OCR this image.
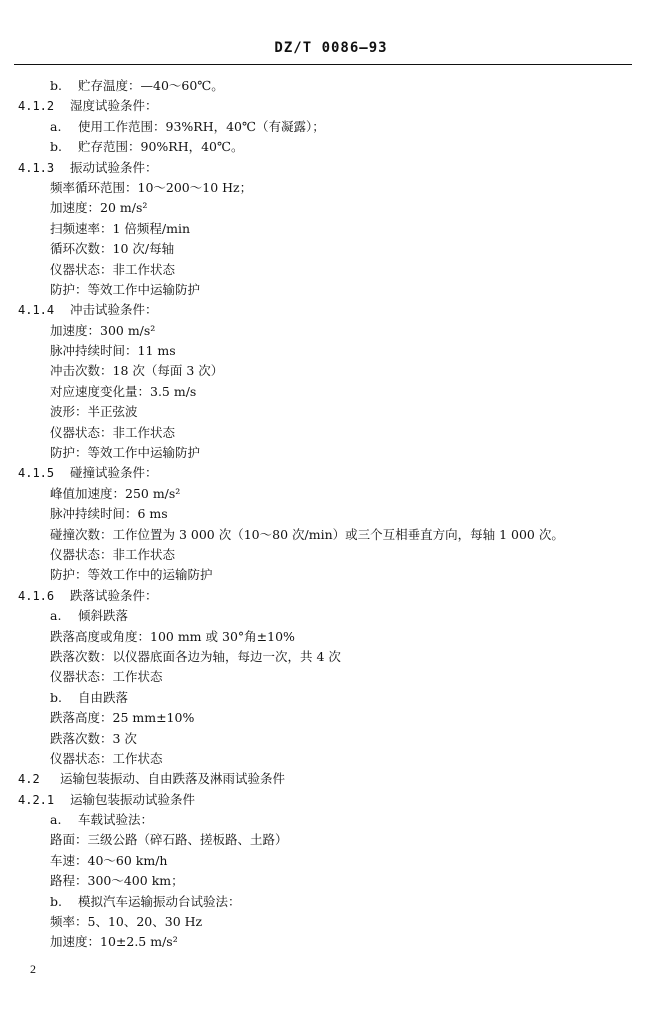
DZ/T 0086—93
b. 贮存温度：—40～60℃。
4.1.2 湿度试验条件：
a. 使用工作范围：93%RH，40℃（有凝露）；
b. 贮存范围：90%RH，40℃。
4.1.3 振动试验条件：
频率循环范围：10～200～10 Hz；
加速度：20 m/s²
扫频速率：1 倍频程/min
循环次数：10 次/每轴
仪器状态：非工作状态
防护：等效工作中运输防护
4.1.4 冲击试验条件：
加速度：300 m/s²
脉冲持续时间：11 ms
冲击次数：18 次（每面 3 次）
对应速度变化量：3.5 m/s
波形：半正弦波
仪器状态：非工作状态
防护：等效工作中运输防护
4.1.5 碰撞试验条件：
峰值加速度：250 m/s²
脉冲持续时间：6 ms
碰撞次数：工作位置为 3 000 次（10～80 次/min）或三个互相垂直方向，每轴 1 000 次。
仪器状态：非工作状态
防护：等效工作中的运输防护
4.1.6 跌落试验条件：
a. 倾斜跌落
跌落高度或角度：100 mm 或 30°角±10%
跌落次数：以仪器底面各边为轴，每边一次，共 4 次
仪器状态：工作状态
b. 自由跌落
跌落高度：25 mm±10%
跌落次数：3 次
仪器状态：工作状态
4.2 运输包装振动、自由跌落及淋雨试验条件
4.2.1 运输包装振动试验条件
a. 车载试验法：
路面：三级公路（碎石路、搓板路、土路）
车速：40～60 km/h
路程：300～400 km；
b. 模拟汽车运输振动台试验法：
频率：5、10、20、30 Hz
加速度：10±2.5 m/s²
2
